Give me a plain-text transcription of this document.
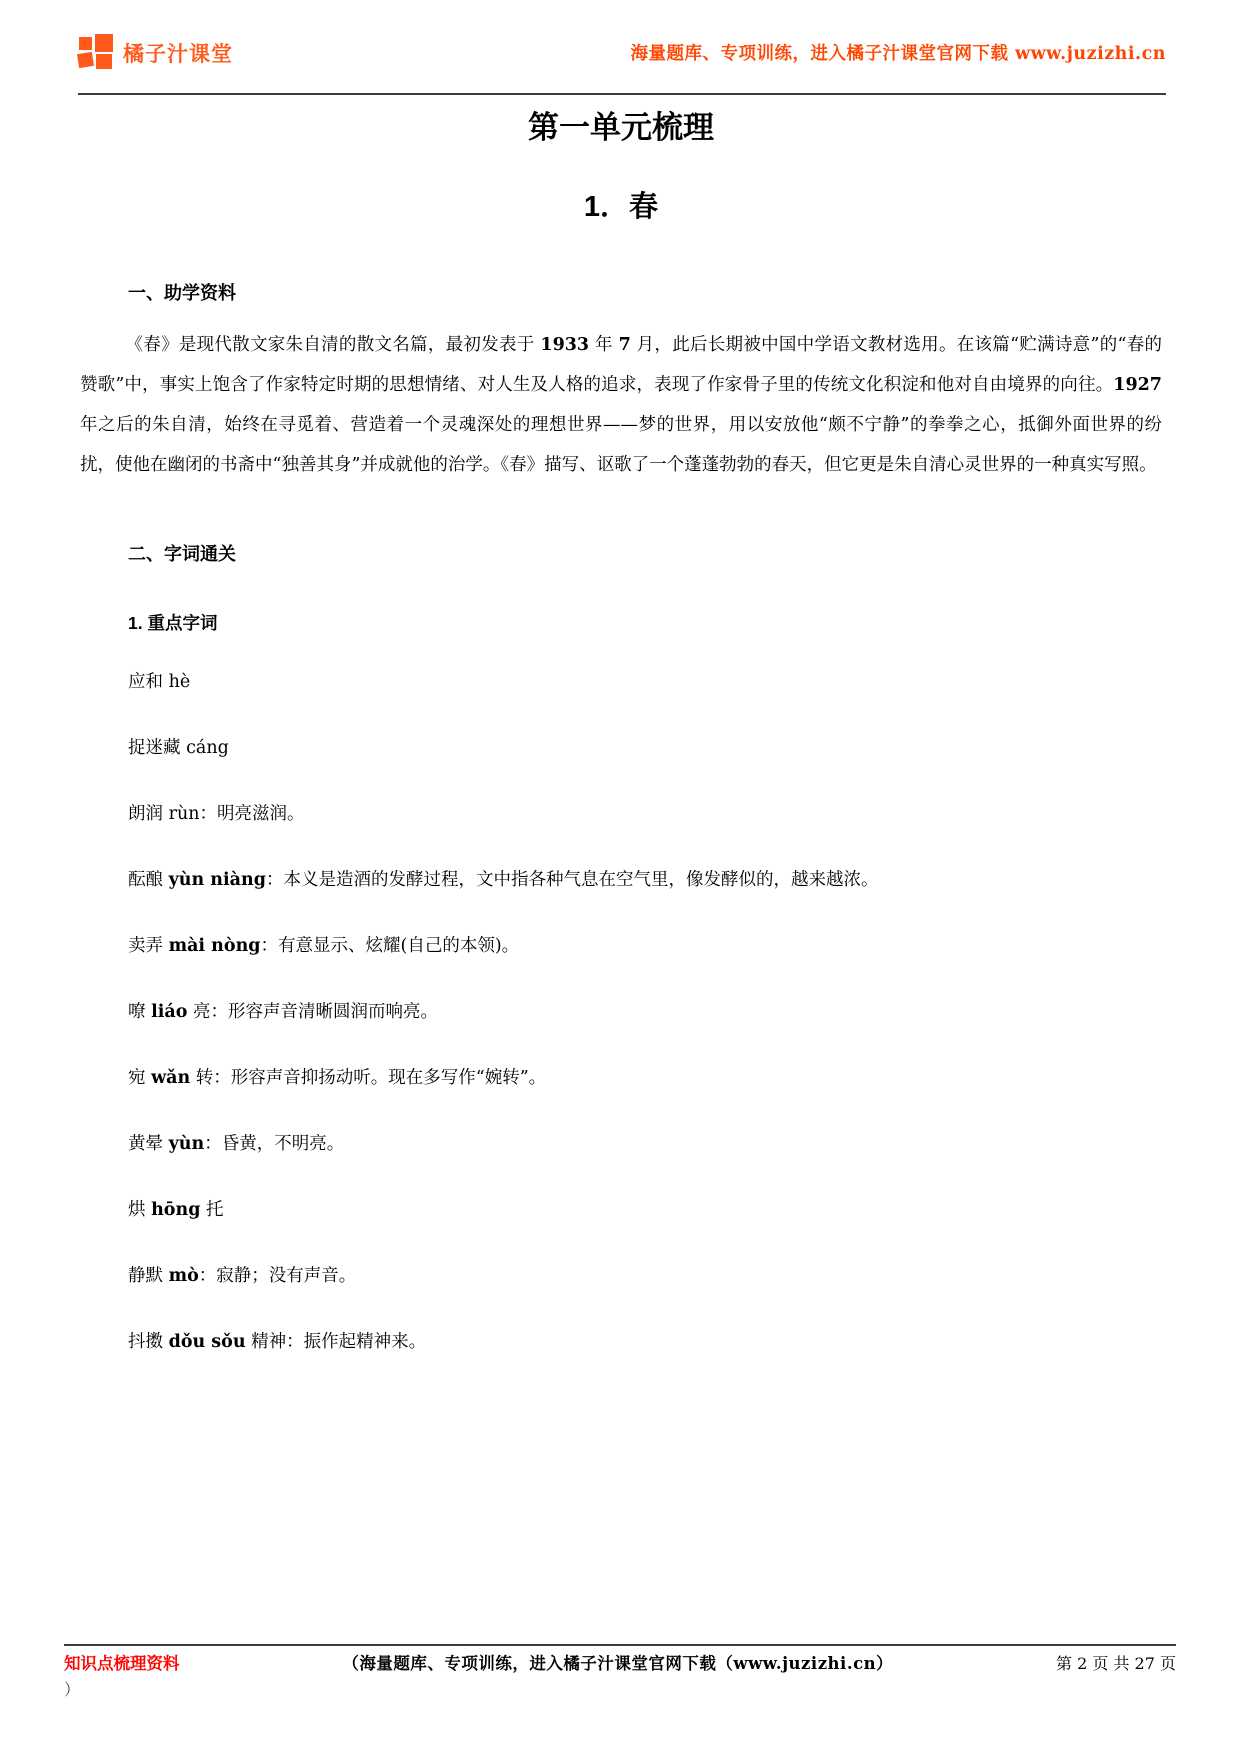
橘子汁课堂	海量题库、专项训练，进入橘子汁课堂官网下载 www.juzizhi.cn
第一单元梳理
1．春
一、助学资料

《春》是现代散文家朱自清的散文名篇，最初发表于 1933 年 7 月，此后长期被中国中学语文教材选用。在该篇“贮满诗意”的“春的赞歌”中，事实上饱含了作家特定时期的思想情绪、对人生及人格的追求，表现了作家骨子里的传统文化积淀和他对自由境界的向往。1927 年之后的朱自清，始终在寻觅着、营造着一个灵魂深处的理想世界——梦的世界，用以安放他“颇不宁静”的拳拳之心，抵御外面世界的纷扰，使他在幽闭的书斋中“独善其身”并成就他的治学。《春》描写、讴歌了一个蓬蓬勃勃的春天，但它更是朱自清心灵世界的一种真实写照。

二、字词通关
1. 重点字词

应和 hè

捉迷藏 cáng

朗润 rùn：明亮滋润。

酝酿 yùn niàng：本义是造酒的发酵过程，文中指各种气息在空气里，像发酵似的，越来越浓。

卖弄 mài nòng：有意显示、炫耀(自己的本领)。

嘹 liáo 亮：形容声音清晰圆润而响亮。

宛 wǎn 转：形容声音抑扬动听。现在多写作“婉转”。

黄晕 yùn：昏黄，不明亮。

烘 hōng 托

静默 mò：寂静；没有声音。

抖擞 dǒu sǒu 精神：振作起精神来。

知识点梳理资料	（海量题库、专项训练，进入橘子汁课堂官网下载（www.juzizhi.cn）	第 2 页 共 27 页
）
